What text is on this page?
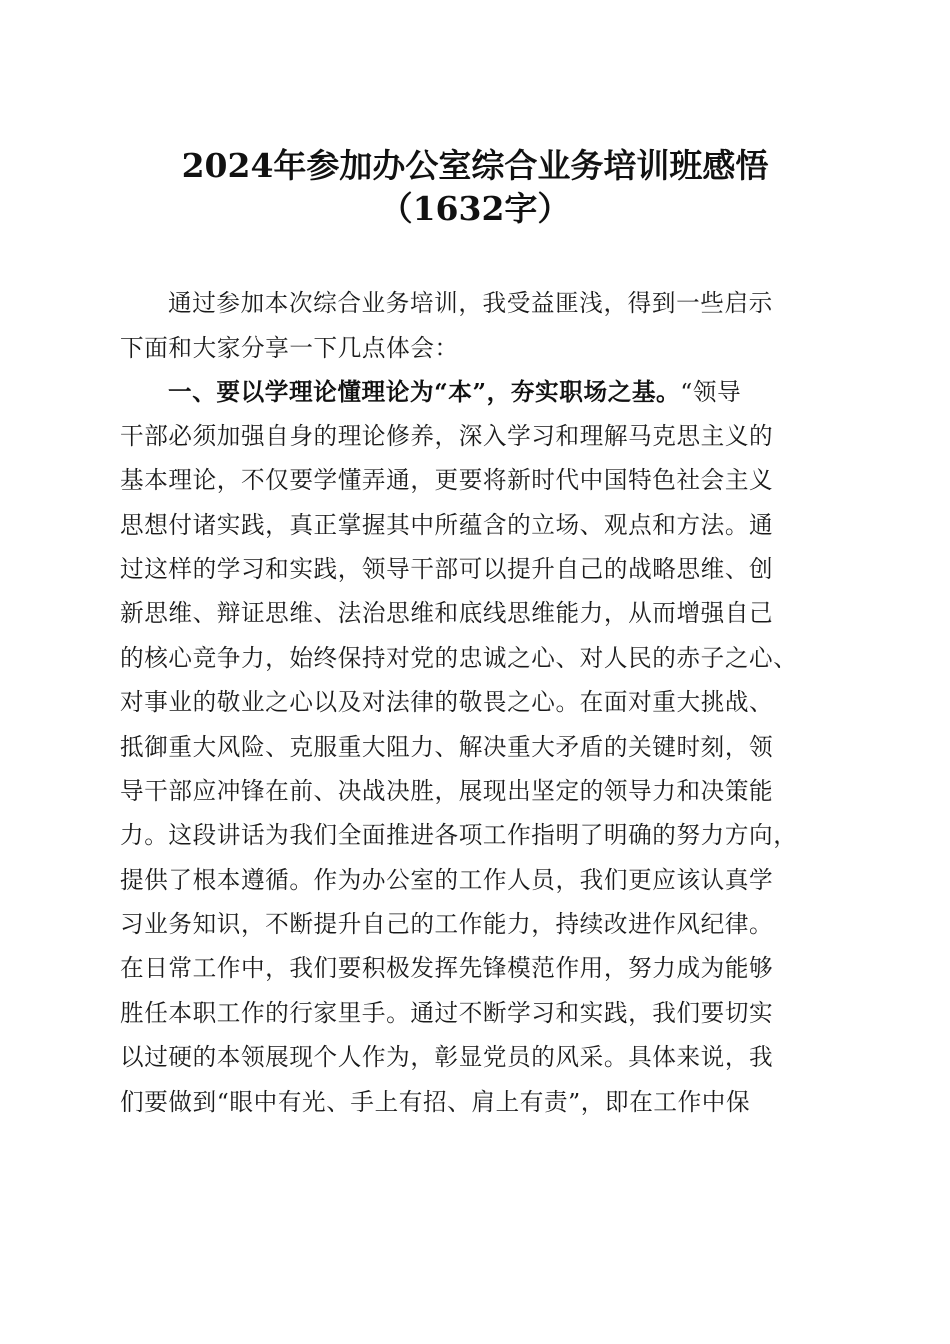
2024年参加办公室综合业务培训班感悟
（1632字）
通过参加本次综合业务培训，我受益匪浅，得到一些启示
下面和大家分享一下几点体会：
一、要以学理论懂理论为“本”，夯实职场之基。“领导
干部必须加强自身的理论修养，深入学习和理解马克思主义的
基本理论，不仅要学懂弄通，更要将新时代中国特色社会主义
思想付诸实践，真正掌握其中所蕴含的立场、观点和方法。通
过这样的学习和实践，领导干部可以提升自己的战略思维、创
新思维、辩证思维、法治思维和底线思维能力，从而增强自己
的核心竞争力，始终保持对党的忠诚之心、对人民的赤子之心、
对事业的敬业之心以及对法律的敬畏之心。在面对重大挑战、
抵御重大风险、克服重大阻力、解决重大矛盾的关键时刻，领
导干部应冲锋在前、决战决胜，展现出坚定的领导力和决策能
力。这段讲话为我们全面推进各项工作指明了明确的努力方向，
提供了根本遵循。作为办公室的工作人员，我们更应该认真学
习业务知识，不断提升自己的工作能力，持续改进作风纪律。
在日常工作中，我们要积极发挥先锋模范作用，努力成为能够
胜任本职工作的行家里手。通过不断学习和实践，我们要切实
以过硬的本领展现个人作为，彰显党员的风采。具体来说，我
们要做到“眼中有光、手上有招、肩上有责”，即在工作中保
